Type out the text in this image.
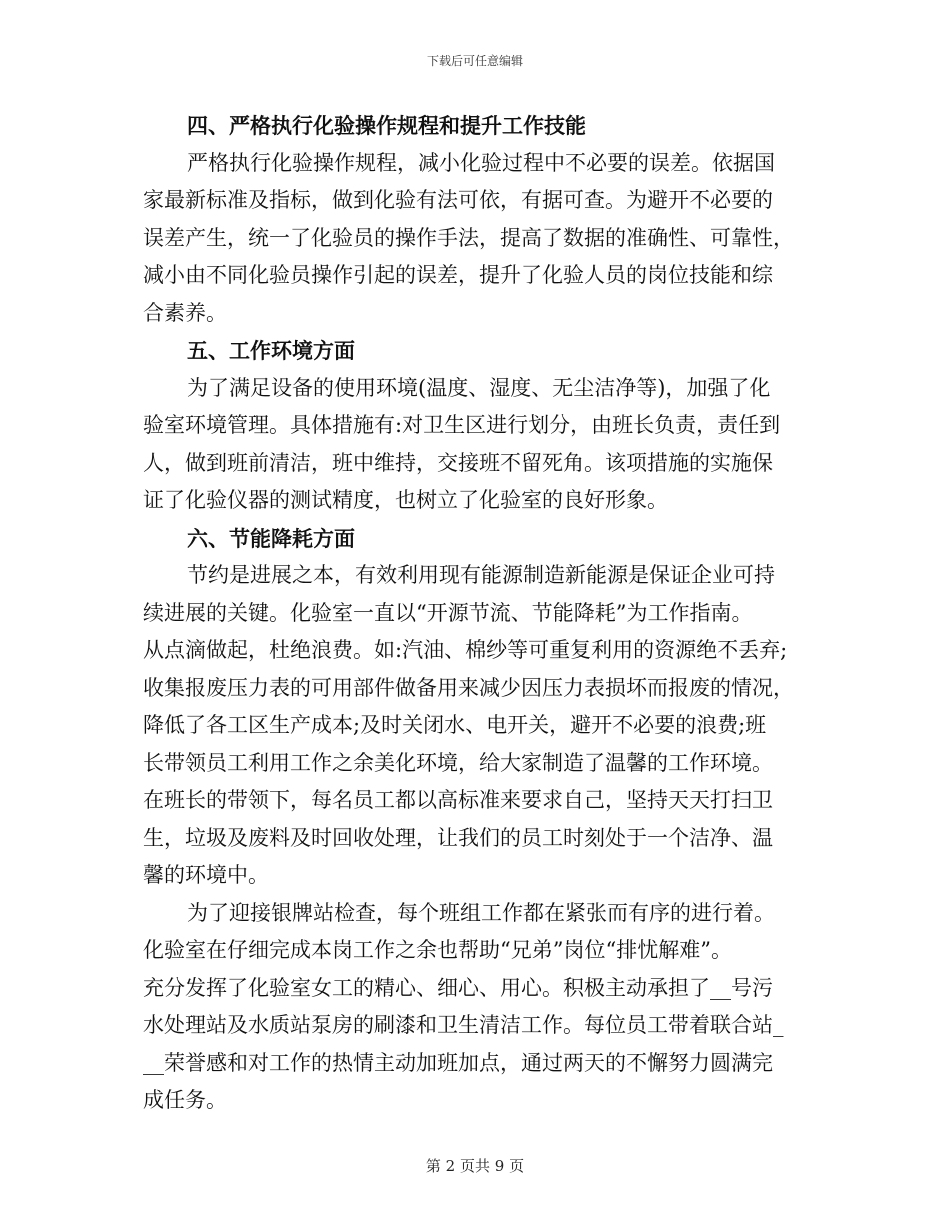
下载后可任意编辑
四、严格执行化验操作规程和提升工作技能
严格执行化验操作规程，减小化验过程中不必要的误差。依据国
家最新标准及指标，做到化验有法可依，有据可查。为避开不必要的
误差产生，统一了化验员的操作手法，提高了数据的准确性、可靠性，
减小由不同化验员操作引起的误差，提升了化验人员的岗位技能和综
合素养。
五、工作环境方面
为了满足设备的使用环境(温度、湿度、无尘洁净等)，加强了化
验室环境管理。具体措施有:对卫生区进行划分，由班长负责，责任到
人，做到班前清洁，班中维持，交接班不留死角。该项措施的实施保
证了化验仪器的测试精度，也树立了化验室的良好形象。
六、节能降耗方面
节约是进展之本，有效利用现有能源制造新能源是保证企业可持
续进展的关键。化验室一直以“开源节流、节能降耗”为工作指南。
从点滴做起，杜绝浪费。如:汽油、棉纱等可重复利用的资源绝不丢弃;
收集报废压力表的可用部件做备用来减少因压力表损坏而报废的情况，
降低了各工区生产成本;及时关闭水、电开关，避开不必要的浪费;班
长带领员工利用工作之余美化环境，给大家制造了温馨的工作环境。
在班长的带领下，每名员工都以高标准来要求自己，坚持天天打扫卫
生，垃圾及废料及时回收处理，让我们的员工时刻处于一个洁净、温
馨的环境中。
为了迎接银牌站检查，每个班组工作都在紧张而有序的进行着。
化验室在仔细完成本岗工作之余也帮助“兄弟”岗位“排忧解难”。
充分发挥了化验室女工的精心、细心、用心。积极主动承担了__号污
水处理站及水质站泵房的刷漆和卫生清洁工作。每位员工带着联合站_
__荣誉感和对工作的热情主动加班加点，通过两天的不懈努力圆满完
成任务。
第 2 页共 9 页
